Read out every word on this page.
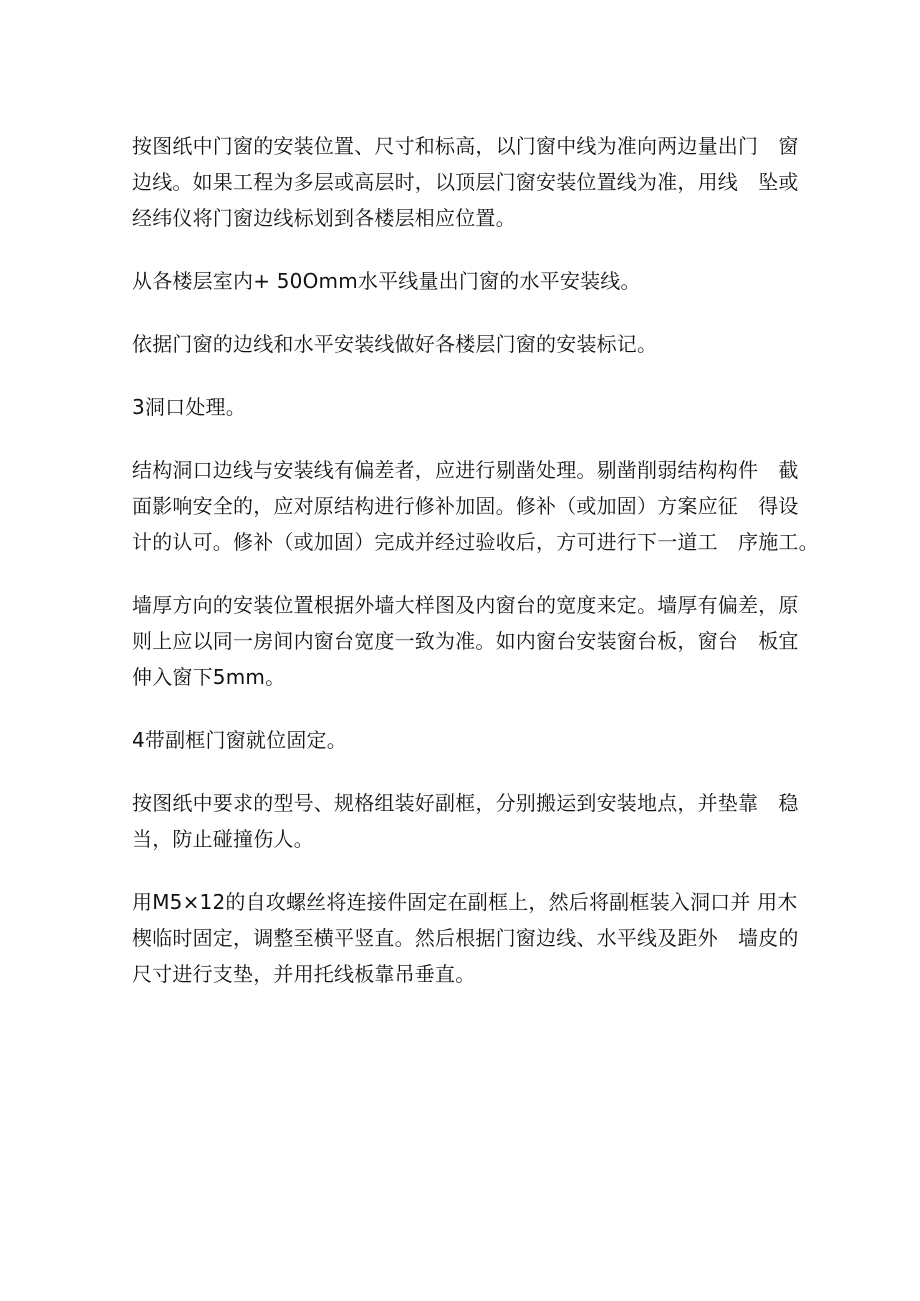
按图纸中门窗的安装位置、尺寸和标高，以门窗中线为准向两边量出门　窗
边线。如果工程为多层或高层时，以顶层门窗安装位置线为准，用线　坠或
经纬仪将门窗边线标划到各楼层相应位置。

从各楼层室内+ 50Omm水平线量出门窗的水平安装线。

依据门窗的边线和水平安装线做好各楼层门窗的安装标记。

3洞口处理。

结构洞口边线与安装线有偏差者，应进行剔凿处理。剔凿削弱结构构件　截
面影响安全的，应对原结构进行修补加固。修补（或加固）方案应征　得设
计的认可。修补（或加固）完成并经过验收后，方可进行下一道工　序施工。

墙厚方向的安装位置根据外墙大样图及内窗台的宽度来定。墙厚有偏差，原
则上应以同一房间内窗台宽度一致为准。如内窗台安装窗台板，窗台　板宜
伸入窗下5mm。

4带副框门窗就位固定。

按图纸中要求的型号、规格组装好副框，分别搬运到安装地点，并垫靠　稳
当，防止碰撞伤人。

用M5×12的自攻螺丝将连接件固定在副框上，然后将副框装入洞口并 用木
楔临时固定，调整至横平竖直。然后根据门窗边线、水平线及距外　墙皮的
尺寸进行支垫，并用托线板靠吊垂直。
